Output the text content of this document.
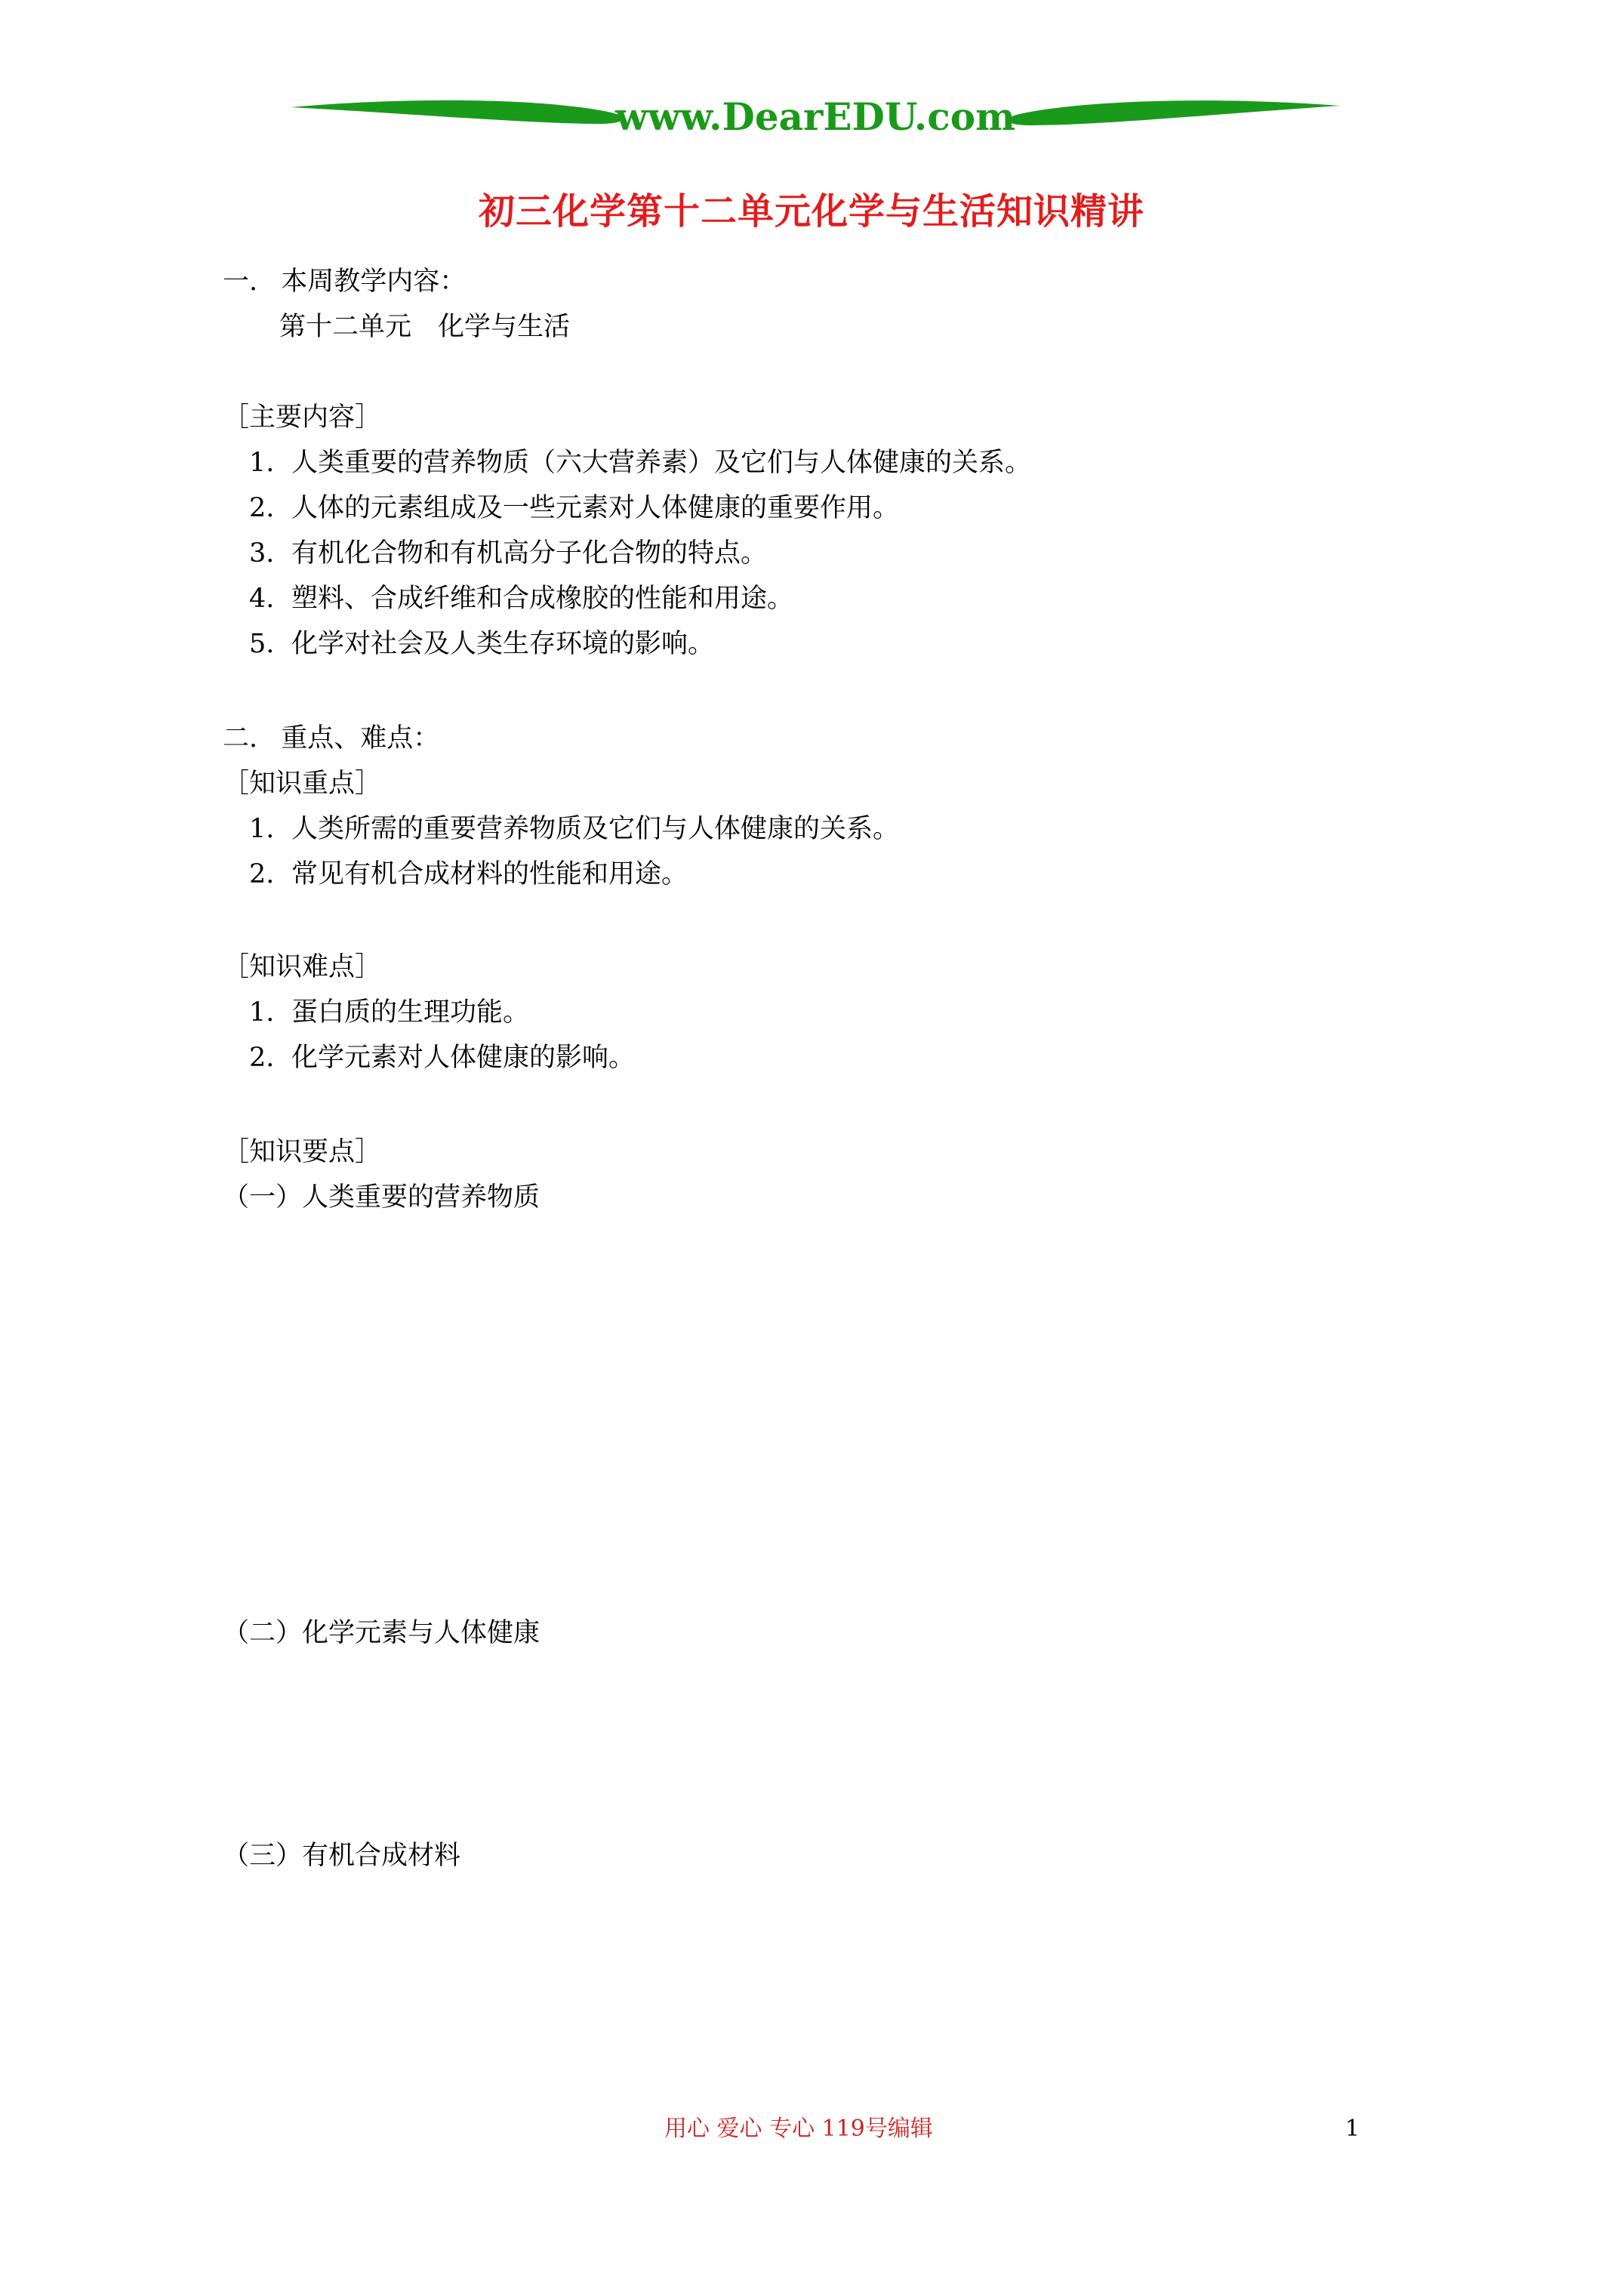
www.DearEDU.com
初三化学第十二单元化学与生活知识精讲
一. 本周教学内容：
第十二单元　化学与生活
［主要内容］
1. 人类重要的营养物质（六大营养素）及它们与人体健康的关系。
2. 人体的元素组成及一些元素对人体健康的重要作用。
3. 有机化合物和有机高分子化合物的特点。
4. 塑料、合成纤维和合成橡胶的性能和用途。
5. 化学对社会及人类生存环境的影响。
二. 重点、难点：
［知识重点］
1. 人类所需的重要营养物质及它们与人体健康的关系。
2. 常见有机合成材料的性能和用途。
［知识难点］
1. 蛋白质的生理功能。
2. 化学元素对人体健康的影响。
［知识要点］
（一）人类重要的营养物质
（二）化学元素与人体健康
（三）有机合成材料
用心 爱心 专心 119号编辑	1
